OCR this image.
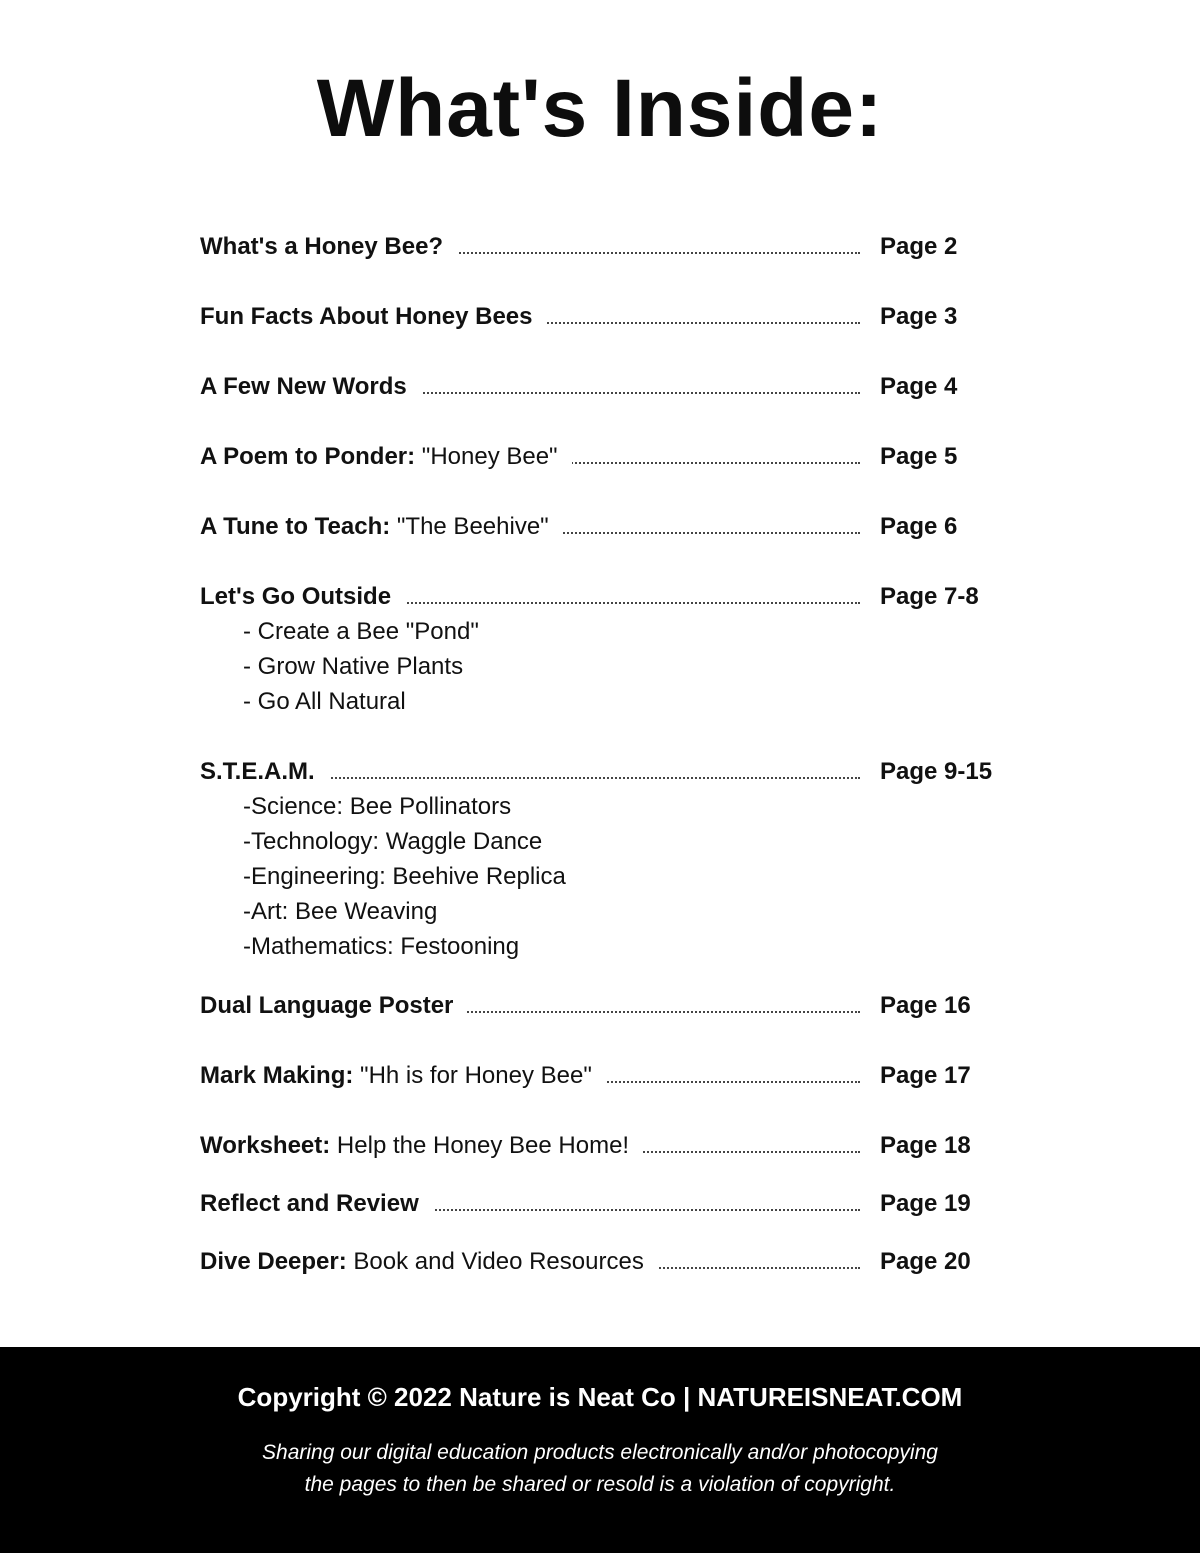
What's Inside:
What's a Honey Bee?	Page 2
Fun Facts About Honey Bees	Page 3
A Few New Words	Page 4
A Poem to Ponder: "Honey Bee"	Page 5
A Tune to Teach: "The Beehive"	Page 6
Let's Go Outside	Page 7-8
- Create a Bee "Pond"
- Grow Native Plants
- Go All Natural
S.T.E.A.M.	Page 9-15
-Science: Bee Pollinators
-Technology: Waggle Dance
-Engineering: Beehive Replica
-Art: Bee Weaving
-Mathematics: Festooning
Dual Language Poster	Page 16
Mark Making: "Hh is for Honey Bee"	Page 17
Worksheet: Help the Honey Bee Home!	Page 18
Reflect and Review	Page 19
Dive Deeper: Book and Video Resources	Page 20
Copyright © 2022 Nature is Neat Co | NATUREISNEAT.COM
Sharing our digital education products electronically and/or photocopying
the pages to then be shared or resold is a violation of copyright.
